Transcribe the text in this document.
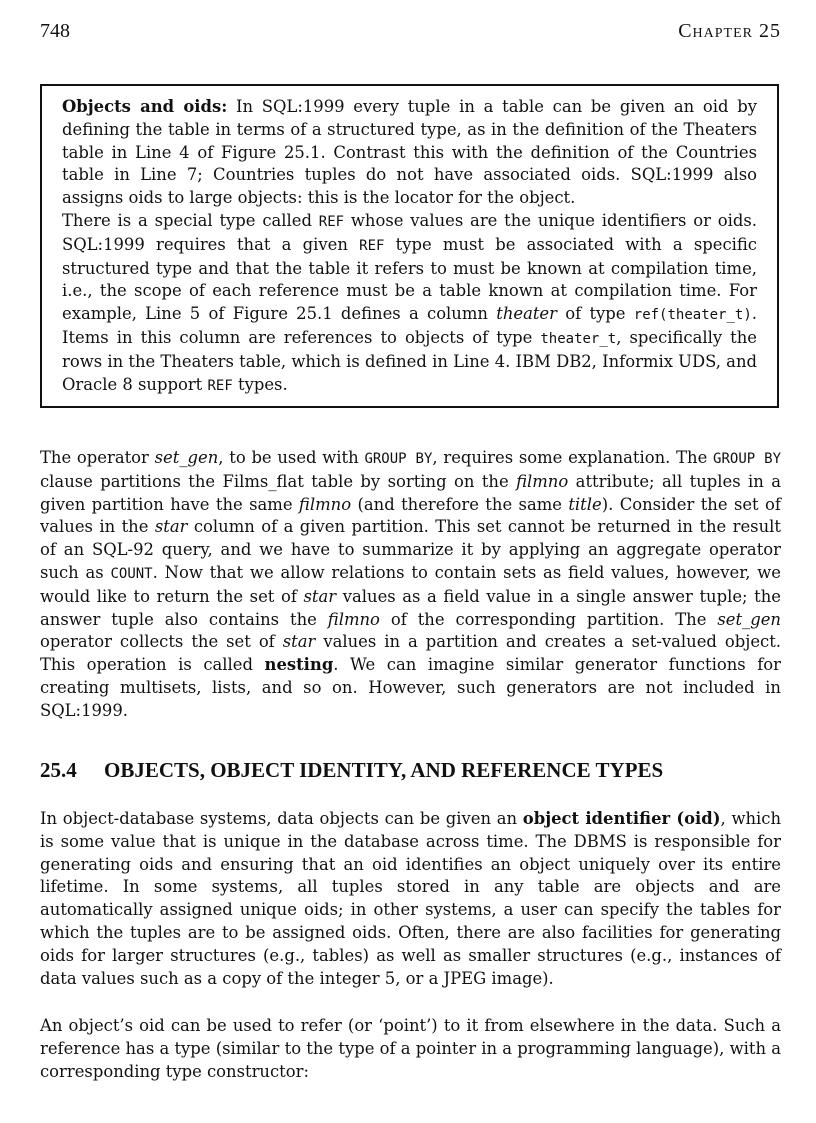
748	Chapter 25

Objects and oids: In SQL:1999 every tuple in a table can be given an oid by defining the table in terms of a structured type, as in the definition of the Theaters table in Line 4 of Figure 25.1. Contrast this with the definition of the Countries table in Line 7; Countries tuples do not have associated oids. SQL:1999 also assigns oids to large objects: this is the locator for the object.

There is a special type called REF whose values are the unique identifiers or oids. SQL:1999 requires that a given REF type must be associated with a specific structured type and that the table it refers to must be known at compilation time, i.e., the scope of each reference must be a table known at compilation time. For example, Line 5 of Figure 25.1 defines a column theater of type ref(theater_t). Items in this column are references to objects of type theater_t, specifically the rows in the Theaters table, which is defined in Line 4. IBM DB2, Informix UDS, and Oracle 8 support REF types.

The operator set_gen, to be used with GROUP BY, requires some explanation. The GROUP BY clause partitions the Films_flat table by sorting on the filmno attribute; all tuples in a given partition have the same filmno (and therefore the same title). Consider the set of values in the star column of a given partition. This set cannot be returned in the result of an SQL-92 query, and we have to summarize it by applying an aggregate operator such as COUNT. Now that we allow relations to contain sets as field values, however, we would like to return the set of star values as a field value in a single answer tuple; the answer tuple also contains the filmno of the corresponding partition. The set_gen operator collects the set of star values in a partition and creates a set-valued object. This operation is called nesting. We can imagine similar generator functions for creating multisets, lists, and so on. However, such generators are not included in SQL:1999.

25.4 OBJECTS, OBJECT IDENTITY, AND REFERENCE TYPES

In object-database systems, data objects can be given an object identifier (oid), which is some value that is unique in the database across time. The DBMS is responsible for generating oids and ensuring that an oid identifies an object uniquely over its entire lifetime. In some systems, all tuples stored in any table are objects and are automatically assigned unique oids; in other systems, a user can specify the tables for which the tuples are to be assigned oids. Often, there are also facilities for generating oids for larger structures (e.g., tables) as well as smaller structures (e.g., instances of data values such as a copy of the integer 5, or a JPEG image).

An object’s oid can be used to refer (or ‘point’) to it from elsewhere in the data. Such a reference has a type (similar to the type of a pointer in a programming language), with a corresponding type constructor:
